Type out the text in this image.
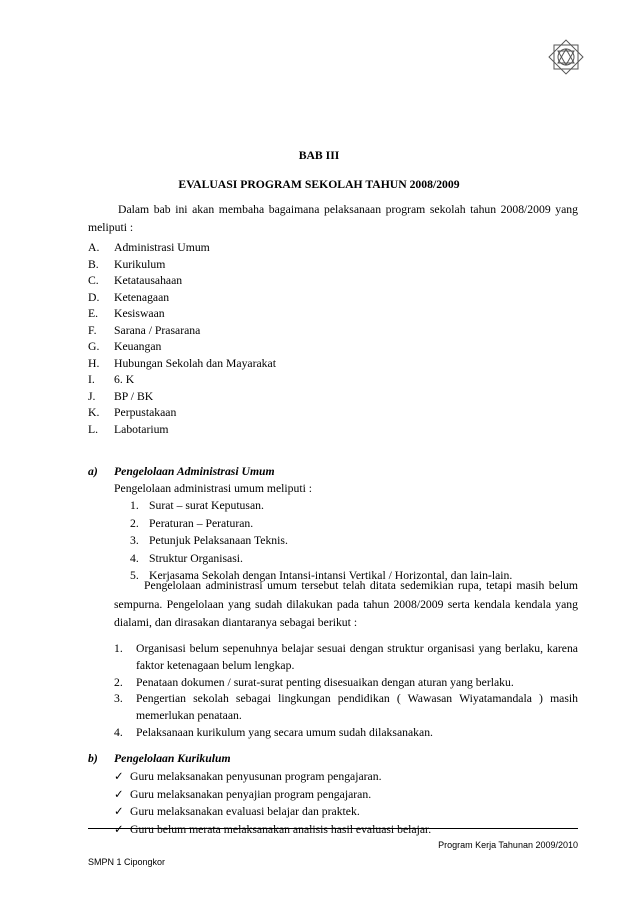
BAB III
EVALUASI PROGRAM SEKOLAH TAHUN 2008/2009
Dalam bab ini akan membaha bagaimana pelaksanaan program sekolah tahun 2008/2009 yang meliputi :
A. Administrasi Umum
B. Kurikulum
C. Ketatausahaan
D. Ketenagaan
E. Kesiswaan
F. Sarana / Prasarana
G. Keuangan
H. Hubungan Sekolah dan Mayarakat
I. 6. K
J. BP / BK
K. Perpustakaan
L. Labotarium
a) Pengelolaan Administrasi Umum
Pengelolaan administrasi umum meliputi :
1. Surat – surat Keputusan.
2. Peraturan – Peraturan.
3. Petunjuk Pelaksanaan Teknis.
4. Struktur Organisasi.
5. Kerjasama Sekolah dengan Intansi-intansi Vertikal / Horizontal, dan lain-lain.
Pengelolaan administrasi umum tersebut telah ditata sedemikian rupa, tetapi masih belum sempurna. Pengelolaan yang sudah dilakukan pada tahun 2008/2009 serta kendala kendala yang dialami, dan dirasakan diantaranya sebagai berikut :
1.	Organisasi belum sepenuhnya belajar sesuai dengan struktur organisasi yang berlaku, karena faktor ketenagaan belum lengkap.
2.	Penataan dokumen / surat-surat penting disesuaikan dengan aturan yang berlaku.
3.	Pengertian sekolah sebagai lingkungan pendidikan ( Wawasan Wiyatamandala ) masih memerlukan penataan.
4.	Pelaksanaan kurikulum yang secara umum sudah dilaksanakan.
b) Pengelolaan Kurikulum
✓ Guru melaksanakan penyusunan program pengajaran.
✓ Guru melaksanakan penyajian program pengajaran.
✓ Guru melaksanakan evaluasi belajar dan praktek.
✓ Guru belum merata melaksanakan analisis hasil evaluasi belajar.
Program Kerja Tahunan 2009/2010
SMPN 1 Cipongkor
